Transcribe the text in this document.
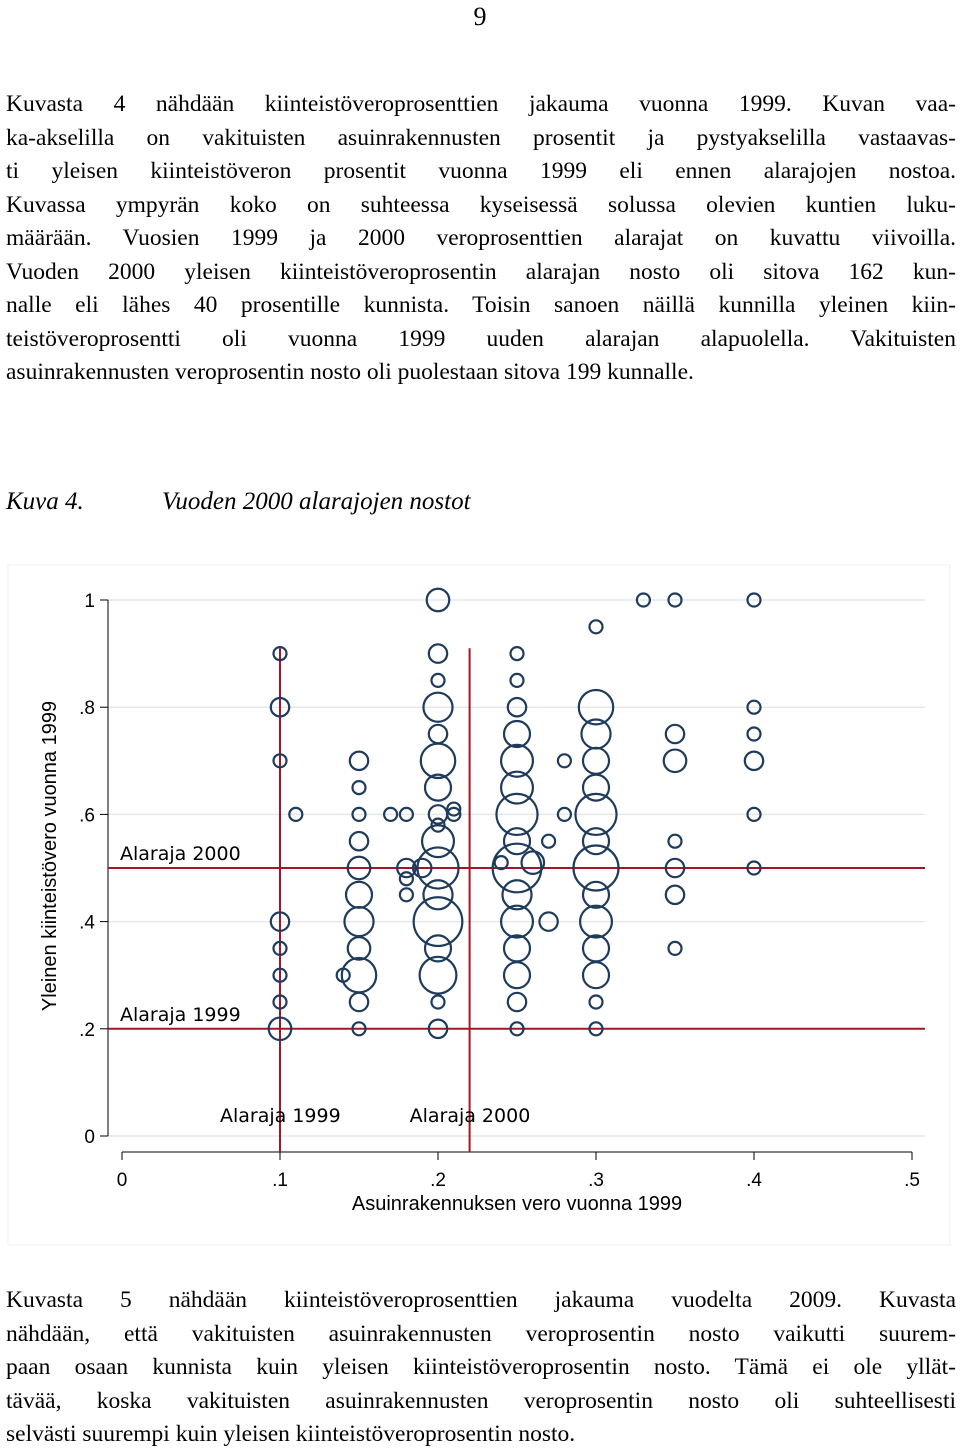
9
Kuvasta 4 nähdään kiinteistöveroprosenttien jakauma vuonna 1999. Kuvan vaa-
ka-akselilla on vakituisten asuinrakennusten prosentit ja pystyakselilla vastaavas-
ti yleisen kiinteistöveron prosentit vuonna 1999 eli ennen alarajojen nostoa.
Kuvassa ympyrän koko on suhteessa kyseisessä solussa olevien kuntien luku-
määrään. Vuosien 1999 ja 2000 veroprosenttien alarajat on kuvattu viivoilla.
Vuoden 2000 yleisen kiinteistöveroprosentin alarajan nosto oli sitova 162 kun-
nalle eli lähes 40 prosentille kunnista. Toisin sanoen näillä kunnilla yleinen kiin-
teistöveroprosentti oli vuonna 1999 uuden alarajan alapuolella. Vakituisten
asuinrakennusten veroprosentin nosto oli puolestaan sitova 199 kunnalle.
Kuva 4.	Vuoden 2000 alarajojen nostot
0
.2
.4
.6
.8
1
0	.1	.2	.3	.4	.5
Asuinrakennuksen vero vuonna 1999
Yleinen kiinteistövero vuonna 1999	Alaraja 2000
Alaraja 1999
Alaraja 1999	Alaraja 2000
Kuvasta 5 nähdään kiinteistöveroprosenttien jakauma vuodelta 2009. Kuvasta
nähdään, että vakituisten asuinrakennusten veroprosentin nosto vaikutti suurem-
paan osaan kunnista kuin yleisen kiinteistöveroprosentin nosto. Tämä ei ole yllät-
tävää, koska vakituisten asuinrakennusten veroprosentin nosto oli suhteellisesti
selvästi suurempi kuin yleisen kiinteistöveroprosentin nosto.
